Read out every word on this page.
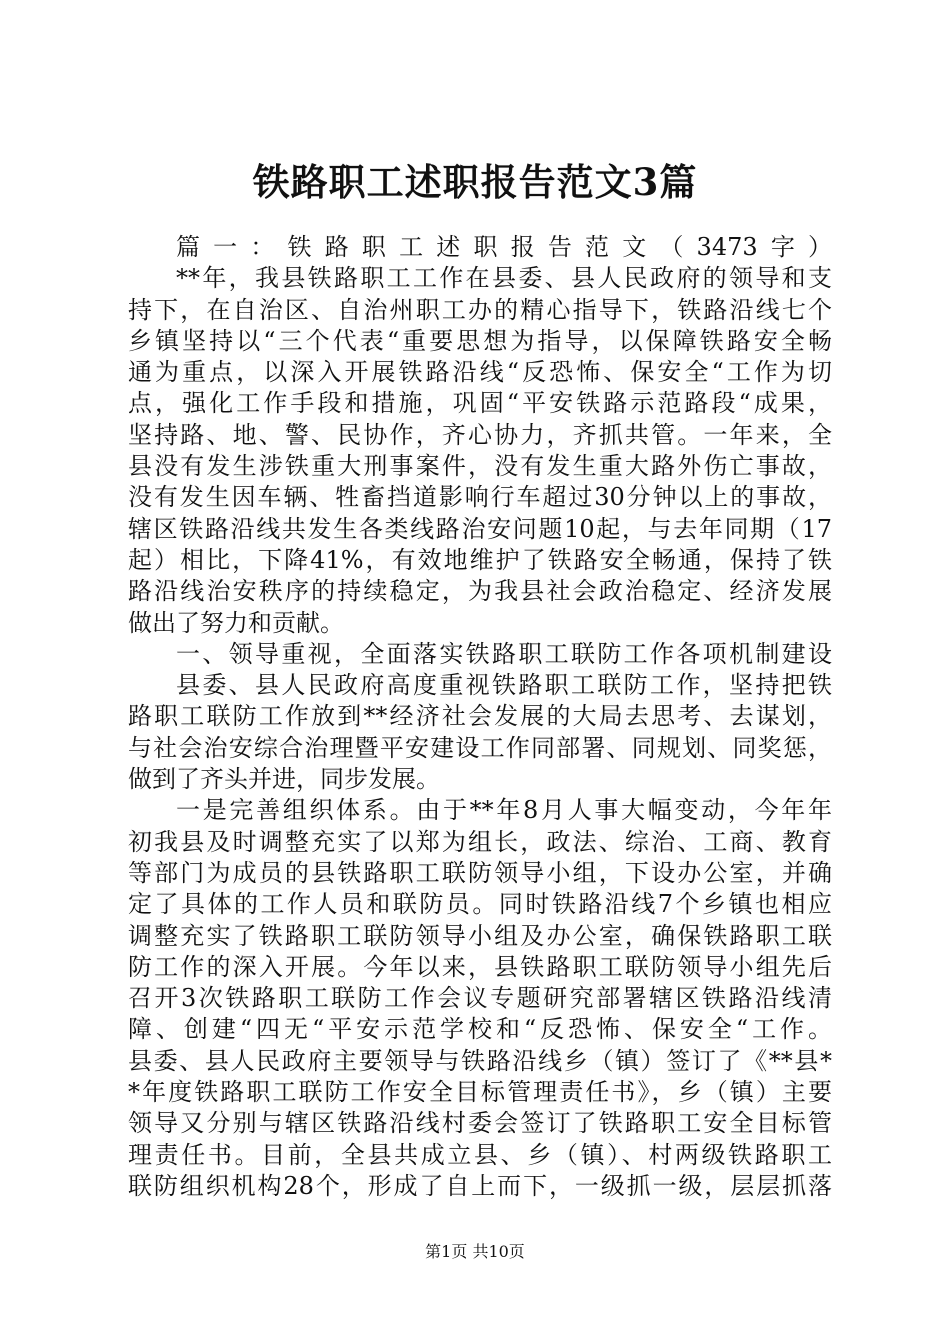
铁路职工述职报告范文3篇
篇一：铁路职工述职报告范文（3473字）
**年，我县铁路职工工作在县委、县人民政府的领导和支
持下，在自治区、自治州职工办的精心指导下，铁路沿线七个
乡镇坚持以“三个代表“重要思想为指导，以保障铁路安全畅
通为重点，以深入开展铁路沿线“反恐怖、保安全“工作为切
点，强化工作手段和措施，巩固“平安铁路示范路段“成果，
坚持路、地、警、民协作，齐心协力，齐抓共管。一年来，全
县没有发生涉铁重大刑事案件，没有发生重大路外伤亡事故，
没有发生因车辆、牲畜挡道影响行车超过30分钟以上的事故，
辖区铁路沿线共发生各类线路治安问题10起，与去年同期（17
起）相比，下降41%，有效地维护了铁路安全畅通，保持了铁
路沿线治安秩序的持续稳定，为我县社会政治稳定、经济发展
做出了努力和贡献。
一、领导重视，全面落实铁路职工联防工作各项机制建设
县委、县人民政府高度重视铁路职工联防工作，坚持把铁
路职工联防工作放到**经济社会发展的大局去思考、去谋划，
与社会治安综合治理暨平安建设工作同部署、同规划、同奖惩，
做到了齐头并进，同步发展。
一是完善组织体系。由于**年8月人事大幅变动，今年年
初我县及时调整充实了以郑为组长，政法、综治、工商、教育
等部门为成员的县铁路职工联防领导小组，下设办公室，并确
定了具体的工作人员和联防员。同时铁路沿线7个乡镇也相应
调整充实了铁路职工联防领导小组及办公室，确保铁路职工联
防工作的深入开展。今年以来，县铁路职工联防领导小组先后
召开3次铁路职工联防工作会议专题研究部署辖区铁路沿线清
障、创建“四无“平安示范学校和“反恐怖、保安全“工作。
县委、县人民政府主要领导与铁路沿线乡（镇）签订了《**县*
*年度铁路职工联防工作安全目标管理责任书》，乡（镇）主要
领导又分别与辖区铁路沿线村委会签订了铁路职工安全目标管
理责任书。目前，全县共成立县、乡（镇）、村两级铁路职工
联防组织机构28个，形成了自上而下，一级抓一级，层层抓落
第1页 共10页
